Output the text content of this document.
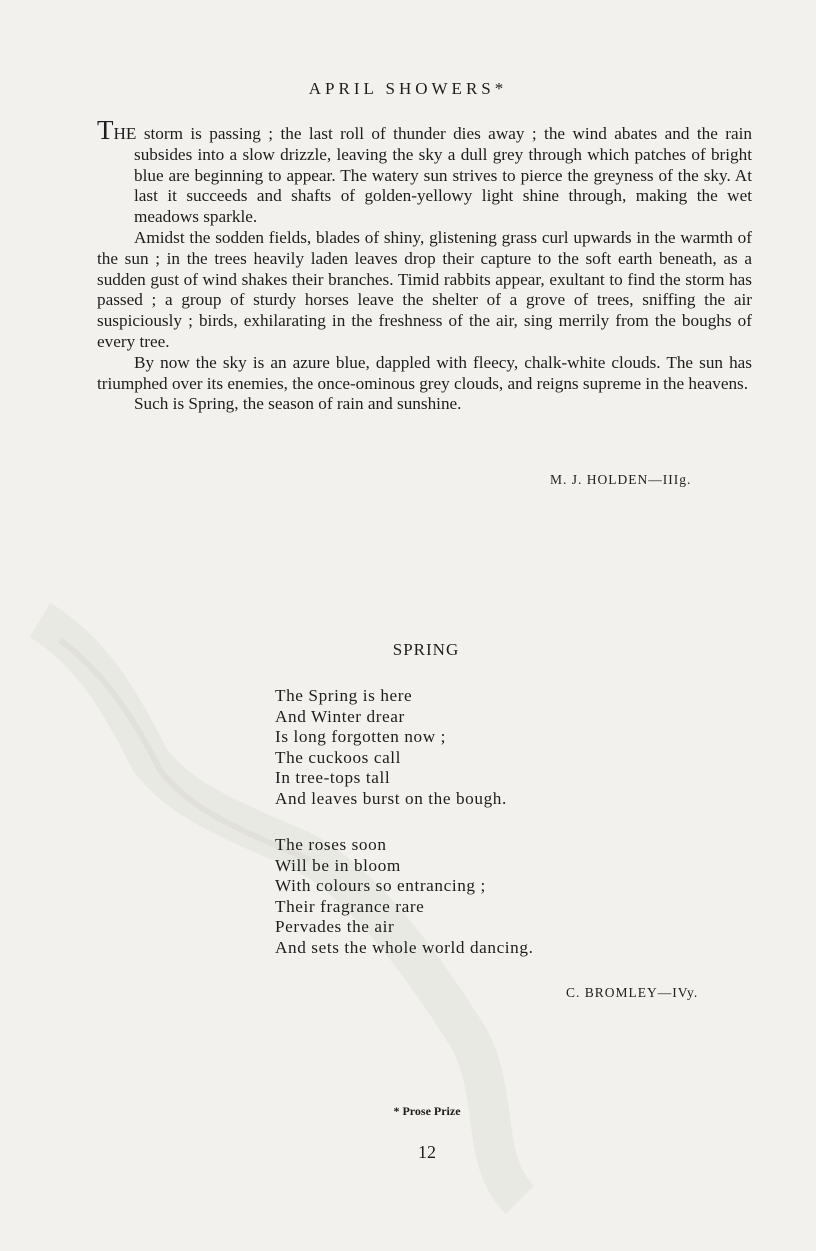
APRIL SHOWERS*

THE storm is passing ; the last roll of thunder dies away ; the wind abates and the rain subsides into a slow drizzle, leaving the sky a dull grey through which patches of bright blue are beginning to appear. The watery sun strives to pierce the greyness of the sky. At last it succeeds and shafts of golden-yellowy light shine through, making the wet meadows sparkle.

Amidst the sodden fields, blades of shiny, glistening grass curl upwards in the warmth of the sun ; in the trees heavily laden leaves drop their capture to the soft earth beneath, as a sudden gust of wind shakes their branches. Timid rabbits appear, exultant to find the storm has passed ; a group of sturdy horses leave the shelter of a grove of trees, sniffing the air suspiciously ; birds, exhilarating in the freshness of the air, sing merrily from the boughs of every tree.

By now the sky is an azure blue, dappled with fleecy, chalk-white clouds. The sun has triumphed over its enemies, the once-ominous grey clouds, and reigns supreme in the heavens.

Such is Spring, the season of rain and sunshine.

M. J. HOLDEN—IIIg.
SPRING
The Spring is here
And Winter drear
Is long forgotten now ;
The cuckoos call
In tree-tops tall
And leaves burst on the bough.
The roses soon
Will be in bloom
With colours so entrancing ;
Their fragrance rare
Pervades the air
And sets the whole world dancing.
C. BROMLEY—IVy.
* Prose Prize
12
